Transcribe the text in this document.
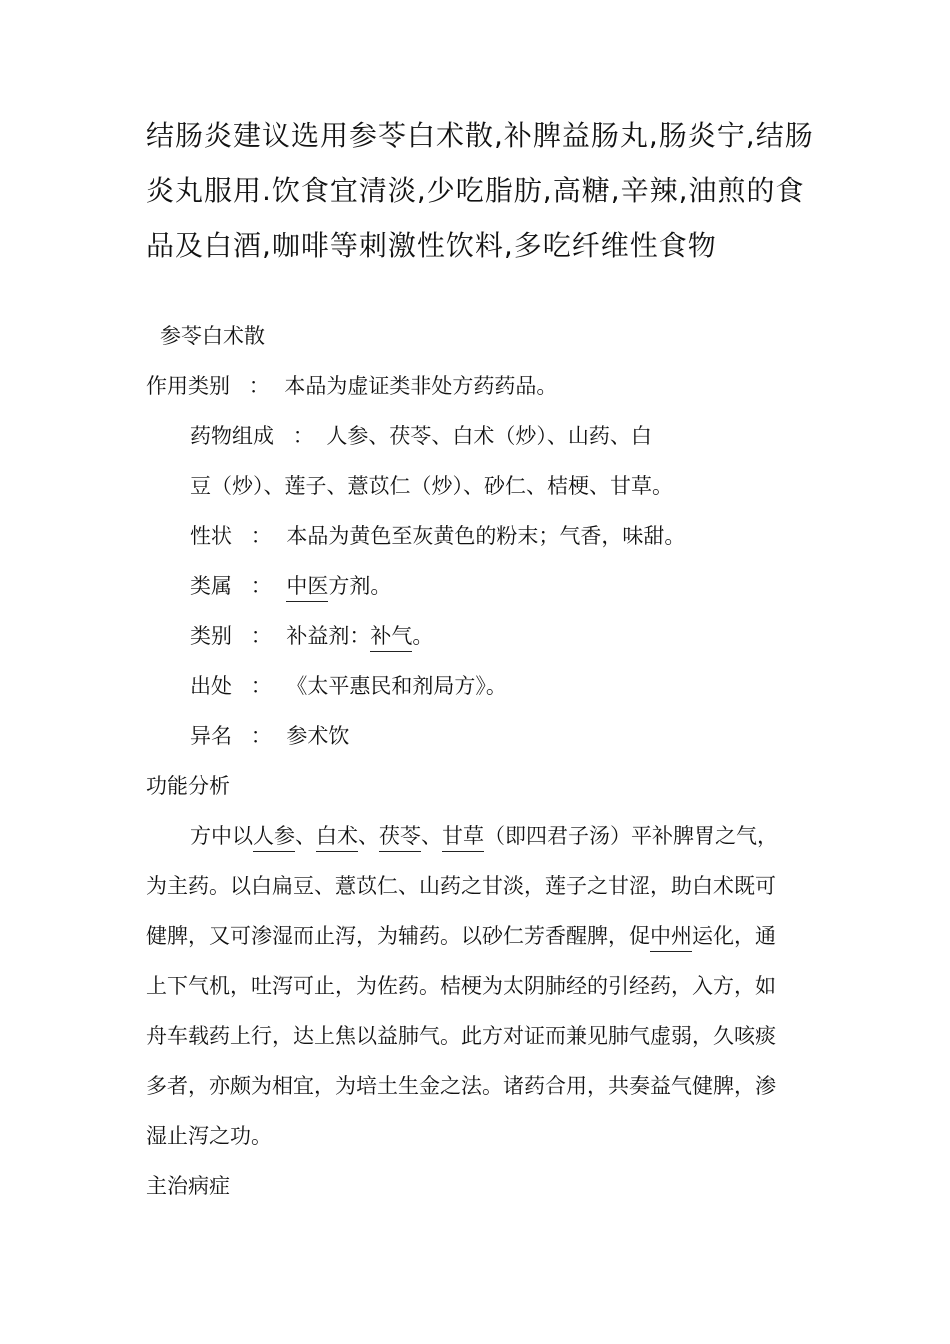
结肠炎建议选用参苓白术散,补脾益肠丸,肠炎宁,结肠

炎丸服用.饮食宜清淡,少吃脂肪,高糖,辛辣,油煎的食

品及白酒,咖啡等刺激性饮料,多吃纤维性食物

参苓白术散
作用类别 ： 本品为虚证类非处方药药品。
药物组成 ： 人参、茯苓、白术（炒）、山药、白
豆（炒）、莲子、薏苡仁（炒）、砂仁、桔梗、甘草。
性状 ： 本品为黄色至灰黄色的粉末；气香，味甜。
类属 ： 中医方剂。
类别 ： 补益剂：补气。
出处 ： 《太平惠民和剂局方》。
异名 ： 参术饮
功能分析
方中以人参、白术、茯苓、甘草（即四君子汤）平补脾胃之气，
为主药。以白扁豆、薏苡仁、山药之甘淡，莲子之甘涩，助白术既可
健脾，又可渗湿而止泻，为辅药。以砂仁芳香醒脾，促中州运化，通
上下气机，吐泻可止，为佐药。桔梗为太阴肺经的引经药，入方，如
舟车载药上行，达上焦以益肺气。此方对证而兼见肺气虚弱，久咳痰
多者，亦颇为相宜，为培土生金之法。诸药合用，共奏益气健脾，渗
湿止泻之功。
主治病症
